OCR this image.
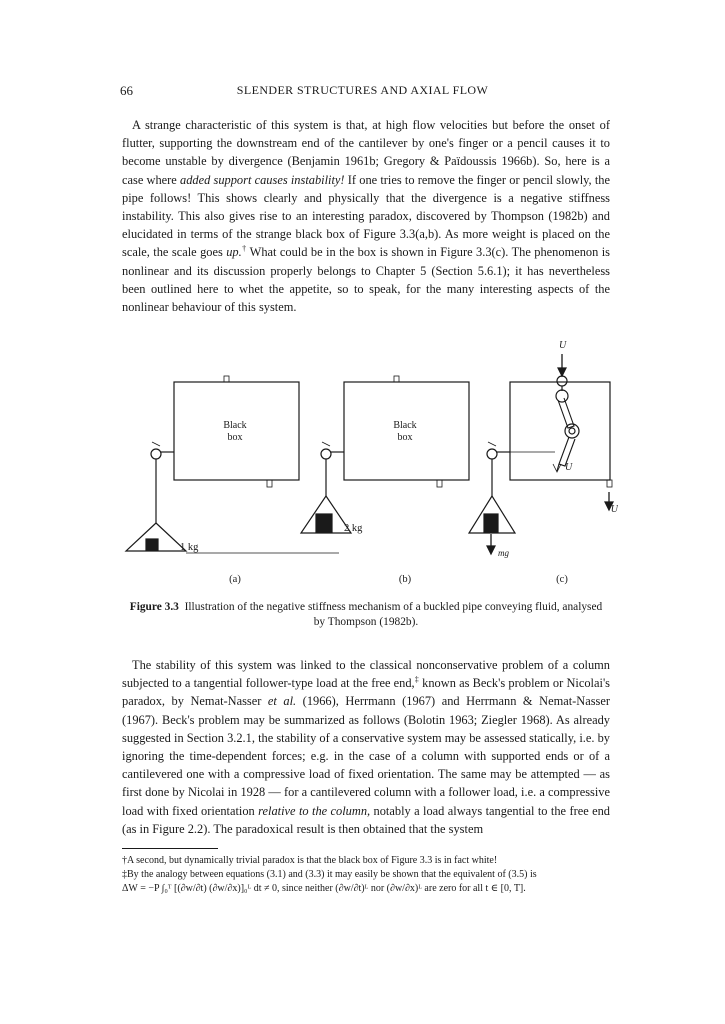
66	SLENDER STRUCTURES AND AXIAL FLOW

A strange characteristic of this system is that, at high flow velocities but before the onset of flutter, supporting the downstream end of the cantilever by one's finger or a pencil causes it to become unstable by divergence (Benjamin 1961b; Gregory & Païdoussis 1966b). So, here is a case where added support causes instability! If one tries to remove the finger or pencil slowly, the pipe follows! This shows clearly and physically that the divergence is a negative stiffness instability. This also gives rise to an interesting paradox, discovered by Thompson (1982b) and elucidated in terms of the strange black box of Figure 3.3(a,b). As more weight is placed on the scale, the scale goes up.† What could be in the box is shown in Figure 3.3(c). The phenomenon is nonlinear and its discussion properly belongs to Chapter 5 (Section 5.6.1); it has nevertheless been outlined here to whet the appetite, so to speak, for the many interesting aspects of the nonlinear behaviour of this system.

Black
box
Black
box
1 kg
2 kg
U
U
U
mg
(a)	(b)	(c)

Figure 3.3 Illustration of the negative stiffness mechanism of a buckled pipe conveying fluid, analysed by Thompson (1982b).

The stability of this system was linked to the classical nonconservative problem of a column subjected to a tangential follower-type load at the free end,‡ known as Beck's problem or Nicolai's paradox, by Nemat-Nasser et al. (1966), Herrmann (1967) and Herrmann & Nemat-Nasser (1967). Beck's problem may be summarized as follows (Bolotin 1963; Ziegler 1968). As already suggested in Section 3.2.1, the stability of a conservative system may be assessed statically, i.e. by ignoring the time-dependent forces; e.g. in the case of a column with supported ends or of a cantilevered one with a compressive load of fixed orientation. The same may be attempted — as first done by Nicolai in 1928 — for a cantilevered column with a follower load, i.e. a compressive load with fixed orientation relative to the column, notably a load always tangential to the free end (as in Figure 2.2). The paradoxical result is then obtained that the system

†A second, but dynamically trivial paradox is that the black box of Figure 3.3 is in fact white!

‡By the analogy between equations (3.1) and (3.3) it may easily be shown that the equivalent of (3.5) is
ΔW = −P ∫₀ᵀ [(∂w/∂t) (∂w/∂x)]₀ᴸ dt ≠ 0, since neither (∂w/∂t)ᴸ nor (∂w/∂x)ᴸ are zero for all t ∈ [0, T].
